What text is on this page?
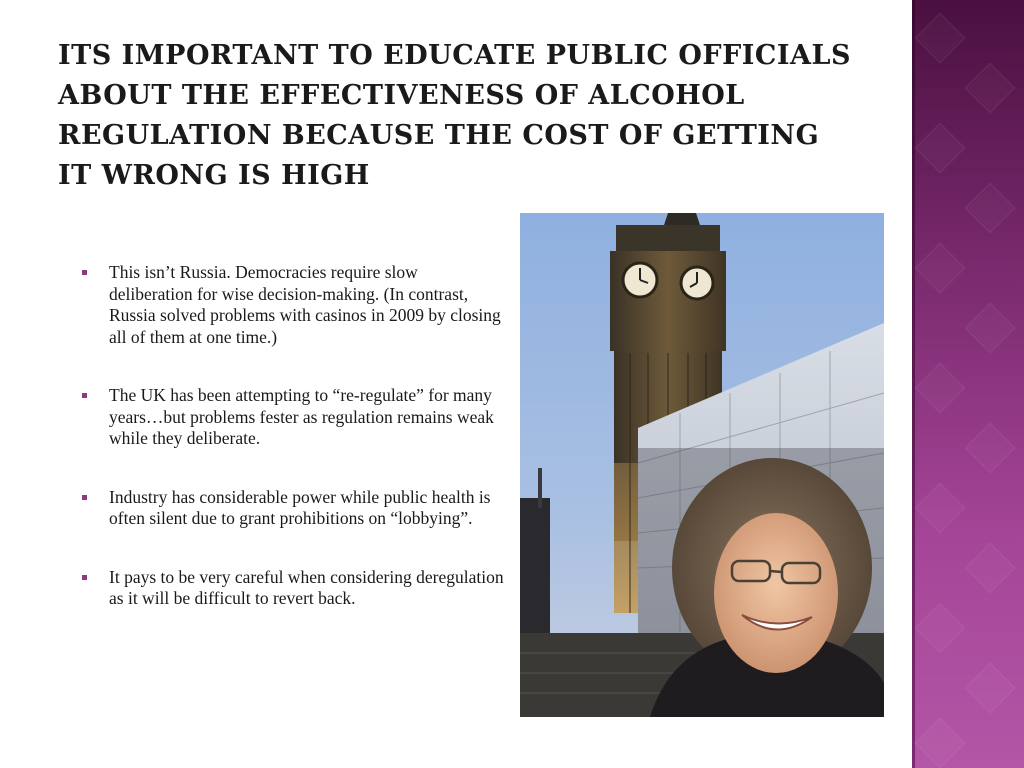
ITS IMPORTANT TO EDUCATE PUBLIC OFFICIALS ABOUT THE EFFECTIVENESS OF ALCOHOL REGULATION BECAUSE THE COST OF GETTING IT WRONG IS HIGH
This isn’t Russia. Democracies require slow deliberation for wise decision-making. (In contrast, Russia solved problems with casinos in 2009 by closing all of them at one time.)
The UK has been attempting to “re-regulate” for many years…but problems fester as regulation remains weak while they deliberate.
Industry has considerable power while public health is often silent due to grant prohibitions on “lobbying”.
It pays to be very careful when considering deregulation as it will be difficult to revert back.
